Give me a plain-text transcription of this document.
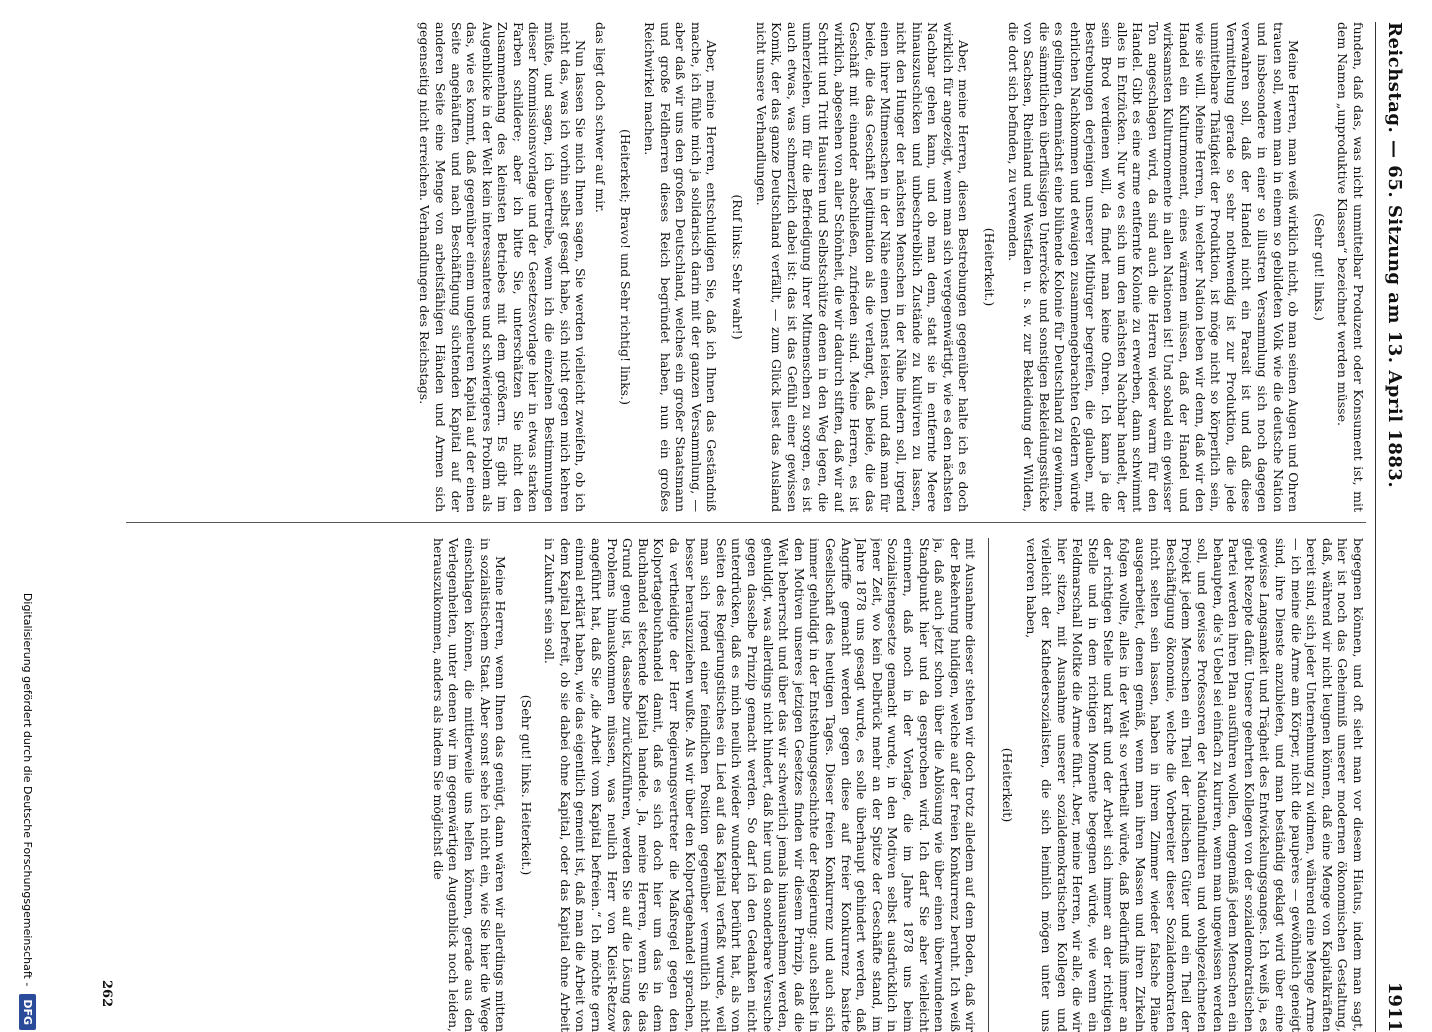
Reichstag. — 65. Sitzung am 13. April 1883.
1911

funden, daß das, was nicht unmittelbar Produzent oder Konsument ist, mit dem Namen „unproduktive Klassen“ bezeichnet werden müsse.

(Sehr gut! links.)

Meine Herren, man weiß wirklich nicht, ob man seinen Augen und Ohren trauen soll, wenn man in einem so gebildeten Volk wie die deutsche Nation und insbesondere in einer so illustren Versammlung sich noch dagegen verwahren soll, daß der Handel nicht ein Parasit ist und daß diese Vermittelung gerade so sehr nothwendig ist zur Produktion, die jede unmittelbare Thätigkeit der Produktion, ist möge nicht so körperlich sein, wie sie will. Meine Herren, in welcher Nation leben wir denn, daß wir den Handel ein Kulturmoment, eines wärmen müssen, daß der Handel und wirksamsten Kulturmomente in allen Nationen ist! Und sobald ein gewisser Ton angeschlagen wird, da sind auch die Herren wieder warm für den Handel. Gibt es eine arme entfernte Kolonie zu erwerben, dann schwimmt alles in Entzücken. Nur wo es sich um den nächsten Nachbar handelt, der sein Brod verdienen will, da findet man keine Ohren. Ich kann ja die Bestrebungen derjenigen unserer Mitbürger begreifen, die glauben, mit ehrlichen Nachkommen und etwaigen zusammengebrachten Geldern würde es gelingen, demnächst eine blühende Kolonie für Deutschland zu gewinnen, die sämmtlichen überflüssigen Unterröcke und sonstigen Bekleidungsstücke von Sachsen, Rheinland und Westfalen u. s. w. zur Bekleidung der Wilden, die dort sich befinden, zu verwenden.

(Heiterkeit.)

Aber, meine Herren, diesen Bestrebungen gegenüber halte ich es doch wirklich für angezeigt, wenn man sich vergegenwärtigt, wie es den nächsten Nachbar gehen kann, und ob man denn, statt sie in entfernte Meere hinauszuschicken und unbeschreiblich Zustände zu kultiviren zu lassen, nicht den Hunger der nächsten Menschen in der Nähe lindern soll, irgend einen ihrer Mitmenschen in der Nähe einen Dienst leisten, und daß man für beide, die das Geschäft legitimation als die verlangt, daß beide, die das Geschäft mit einander abschließen, zufrieden sind. Meine Herren, es ist wirklich, abgesehen von aller Schönheit, die wir dadurch stiften, daß wir auf Schritt und Tritt Hausiren und Selbstschütze denen in den Weg legen, die umherziehen, um für die Befriedigung ihrer Mitmenschen zu sorgen, es ist auch etwas, was schmerzlich dabei ist: das ist das Gefühl einer gewissen Komik, der das ganze Deutschland verfällt, — zum Glück liest das Ausland nicht unsere Verhandlungen.

(Ruf links: Sehr wahr!)

Aber, meine Herren, entschuldigen Sie, daß ich Ihnen das Geständniß mache, ich fühle mich ja solidarisch darin mit der ganzen Versammlung, — aber daß wir uns den großen Deutschland, welches ein großer Staatsmann und große Feldherren dieses Reich begründet haben, nun ein großes Reichwirkel machen.

(Heiterkeit; Bravo! und Sehr richtig! links.)

das liegt doch schwer auf mir.

Nun lassen Sie mich Ihnen sagen, Sie werden vielleicht zweifeln, ob ich nicht das, was ich vorhin selbst gesagt habe, sich nicht gegen mich kehren müßte, und sagen, ich übertreibe, wenn ich die einzelnen Bestimmungen dieser Kommissionsvorlage und der Gesetzesvorlage hier in etwas starken Farben schildere; aber ich bitte Sie, unterschätzen Sie nicht den Zusammenhang des kleinsten Betriebes mit dem größern. Es gibt im Augenblicke in der Welt kein interessanteres und schwierigeres Problem als das, wie es kommt, daß gegenüber einem ungeheuren Kapital auf der einen Seite angehäuften und nach Beschäftigung süchtenden Kapital auf der anderen Seite eine Menge von arbeitsfähigen Händen und Armen sich gegenseitig nicht erreichen. Verhandlungen des Reichstags.

begegnen können, und oft sieht man vor diesem Hiatus, indem man sagt, hier ist noch das Geheimniß unserer modernen ökonomischen Gestaltung, daß, während wir nicht leugnen können, daß eine Menge von Kapitalkräften bereit sind, sich jeder Unternehmung zu widmen, während eine Menge Arme — ich meine die Arme am Körper, nicht die paupères — gewöhnlich geneigt sind, ihre Dienste anzubieten, und man beständig geklagt wird über eine gewisse Langsamkeit und Trägheit des Entwickelungsganges. Ich weiß ja, es giebt Rezepte dafür. Unsere geehrten Kollegen von der sozialdemokratischen Partei werden ihren Plan ausführen wollen, demgemäß jedem Menschen ein behaupten, die's Uebel sei einfach zu kuriren, wenn man ungewissen werden soll, und gewisse Professoren der Nationalfundiren und wohlgezeichneten Projekt jedem Menschen ein Theil der irdischen Güter und ein Theil der Beschäftigung ökonomie, welche die Vorbereiter dieser Sozialdemokraten nicht selten sein lassen, haben in ihrem Zimmer wieder falsche Pläne ausgearbeitet, denen gemäß, wenn man ihren Massen und ihren Zirkeln folgen wollte, alles in der Welt so vertheilt würde, daß Bedürfniß immer an der richtigen Stelle und kraft und der Arbeit sich immer an der richtigen Stelle und in dem richtigen Momente begegnen würde, wie wenn ein Feldmarschall Moltke die Armee führt. Aber, meine Herren, wir alle, die wir hier sitzen, mit Ausnahme unserer sozialdemokratischen Kollegen und vielleicht der Kathedersozialisten, die sich heimlich mögen unter uns verloren haben,

(Heiterkeit)

mit Ausnahme dieser stehen wir doch trotz alledem auf dem Boden, daß wir der Bekehrung huldigen, welche auf der freien Konkurrenz beruht. Ich weiß ja, daß auch jetzt schon über die Ablösung wie über einen überwundenen Standpunkt hier und da gesprochen wird. Ich darf Sie aber vielleicht erinnern, daß noch in der Vorlage, die im Jahre 1878 uns beim Sozialistengesetze gemacht wurde, in den Motiven selbst ausdrücklich in jener Zeit, wo kein Delbrück mehr an der Spitze der Geschäfte stand, im Jahre 1878 uns gesagt wurde, es solle überhaupt gehindert werden, daß Angriffe gemacht werden gegen diese auf freier Konkurrenz basirte Gesellschaft des heutigen Tages. Dieser freien Konkurrenz und auch sich immer gehuldigt in der Entstehungsgeschichte der Regierung: auch selbst in den Motiven unseres jetzigen Gesetzes finden wir diesem Prinzip, daß die Welt beherrscht und über das wir schwerlich jemals hinausnehmen werden, gehuldigt, was allerdings nicht hindert, daß hier und da sonderbare Versuche gegen dasselbe Prinzip gemacht werden. So darf ich den Gedanken nicht unterdrücken, daß es mich neulich wieder wunderbar berührt hat, als von Seiten des Regierungstisches ein Lied auf das Kapital verfaßt wurde, weil man sich irgend einer feindlichen Position gegenüber vermutlich nicht besser herauszuziehen wußte. Als wir über den Kolportagehandel sprachen, da vertheidigte der Herr Regierungsvertreter die Maßregel gegen den Kolportagebuchhandel damit, daß es sich doch hier um das in dem Buchhandel steckende Kapital handele. Ja, meine Herren, wenn Sie das Grund genug ist, dasselbe zurückzuführen, werden Sie auf die Lösung des Problems hinauskommen müssen, was neulich Herr von Kleist-Retzow angeführt hat, daß Sie „die Arbeit vom Kapital befreien.“ Ich möchte gern einmal erklärt haben, wie das eigentlich gemeint ist, daß man die Arbeit von dem Kapital befreit, ob sie dabei ohne Kapital, oder das Kapital ohne Arbeit in Zukunft sein soll.

(Sehr gut! links. Heiterkeit.)

Meine Herren, wenn Ihnen das genügt, dann wären wir allerdings mitten in sozialistischem Staat. Aber sonst sehe ich nicht ein, wie Sie hier die Wege einschlagen können, die mittlerweile uns helfen können, gerade aus den Verlegenheiten, unter denen wir im gegenwärtigen Augenblick noch leiden, herauszukommen, anders als indem Sie möglichst die

262
Digitalisierung gefördert durch die Deutsche Forschungsgemeinschaft -
DFG
